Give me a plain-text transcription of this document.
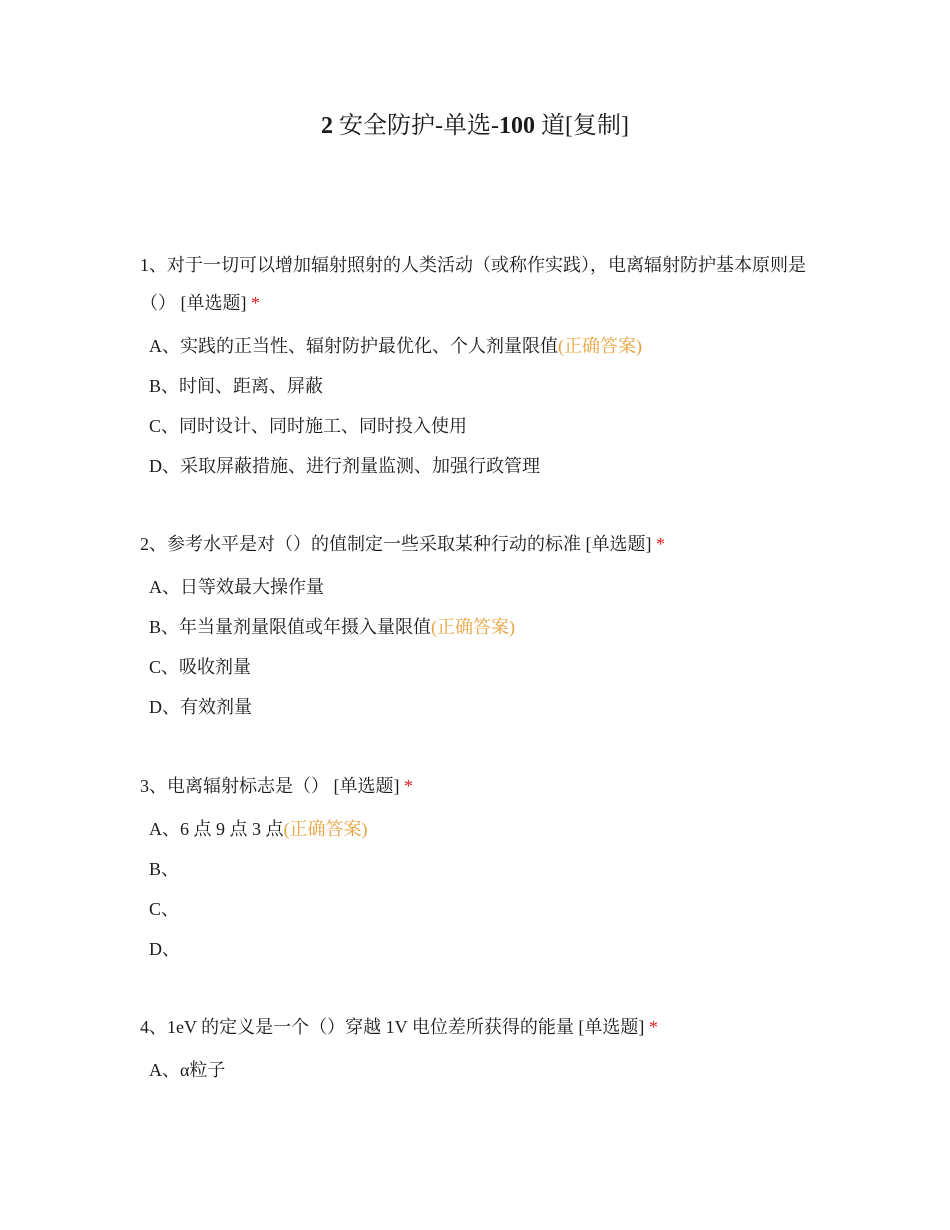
2 安全防护-单选-100 道[复制]

1、对于一切可以增加辐射照射的人类活动（或称作实践），电离辐射防护基本原则是（） [单选题] *

A、实践的正当性、辐射防护最优化、个人剂量限值(正确答案)
B、时间、距离、屏蔽
C、同时设计、同时施工、同时投入使用
D、采取屏蔽措施、进行剂量监测、加强行政管理

2、参考水平是对（）的值制定一些采取某种行动的标准 [单选题] *

A、日等效最大操作量
B、年当量剂量限值或年摄入量限值(正确答案)
C、吸收剂量
D、有效剂量

3、电离辐射标志是（） [单选题] *

A、6 点 9 点 3 点(正确答案)
B、
C、
D、

4、1eV 的定义是一个（）穿越 1V 电位差所获得的能量 [单选题] *

A、α粒子
